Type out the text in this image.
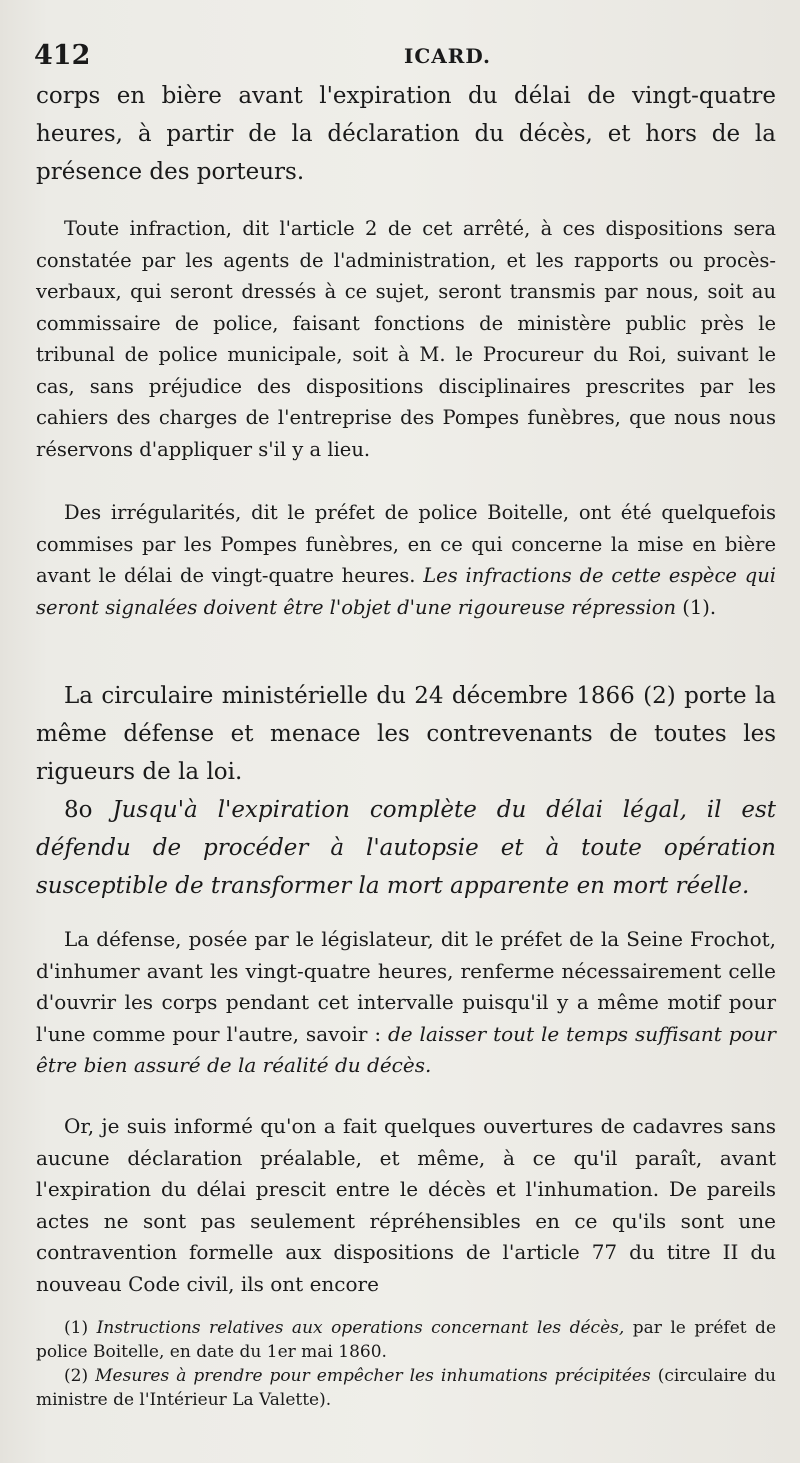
412	ICARD.

corps en bière avant l'expiration du délai de vingt-quatre heures, à partir de la déclaration du décès, et hors de la présence des porteurs.

Toute infraction, dit l'article 2 de cet arrêté, à ces dispositions sera constatée par les agents de l'administration, et les rapports ou procès-verbaux, qui seront dressés à ce sujet, seront transmis par nous, soit au commissaire de police, faisant fonctions de ministère public près le tribunal de police municipale, soit à M. le Procureur du Roi, suivant le cas, sans préjudice des dispositions disciplinaires prescrites par les cahiers des charges de l'entreprise des Pompes funèbres, que nous nous réservons d'appliquer s'il y a lieu.

Des irrégularités, dit le préfet de police Boitelle, ont été quelquefois commises par les Pompes funèbres, en ce qui concerne la mise en bière avant le délai de vingt-quatre heures. Les infractions de cette espèce qui seront signalées doivent être l'objet d'une rigoureuse répression (1).

La circulaire ministérielle du 24 décembre 1866 (2) porte la même défense et menace les contrevenants de toutes les rigueurs de la loi.

8o Jusqu'à l'expiration complète du délai légal, il est défendu de procéder à l'autopsie et à toute opération susceptible de transformer la mort apparente en mort réelle.

La défense, posée par le législateur, dit le préfet de la Seine Frochot, d'inhumer avant les vingt-quatre heures, renferme nécessairement celle d'ouvrir les corps pendant cet intervalle puisqu'il y a même motif pour l'une comme pour l'autre, savoir : de laisser tout le temps suffisant pour être bien assuré de la réalité du décès.

Or, je suis informé qu'on a fait quelques ouvertures de cadavres sans aucune déclaration préalable, et même, à ce qu'il paraît, avant l'expiration du délai prescit entre le décès et l'inhumation. De pareils actes ne sont pas seulement répréhensibles en ce qu'ils sont une contravention formelle aux dispositions de l'article 77 du titre II du nouveau Code civil, ils ont encore

(1) Instructions relatives aux operations concernant les décès, par le préfet de police Boitelle, en date du 1er mai 1860.

(2) Mesures à prendre pour empêcher les inhumations précipitées (circulaire du ministre de l'Intérieur La Valette).
